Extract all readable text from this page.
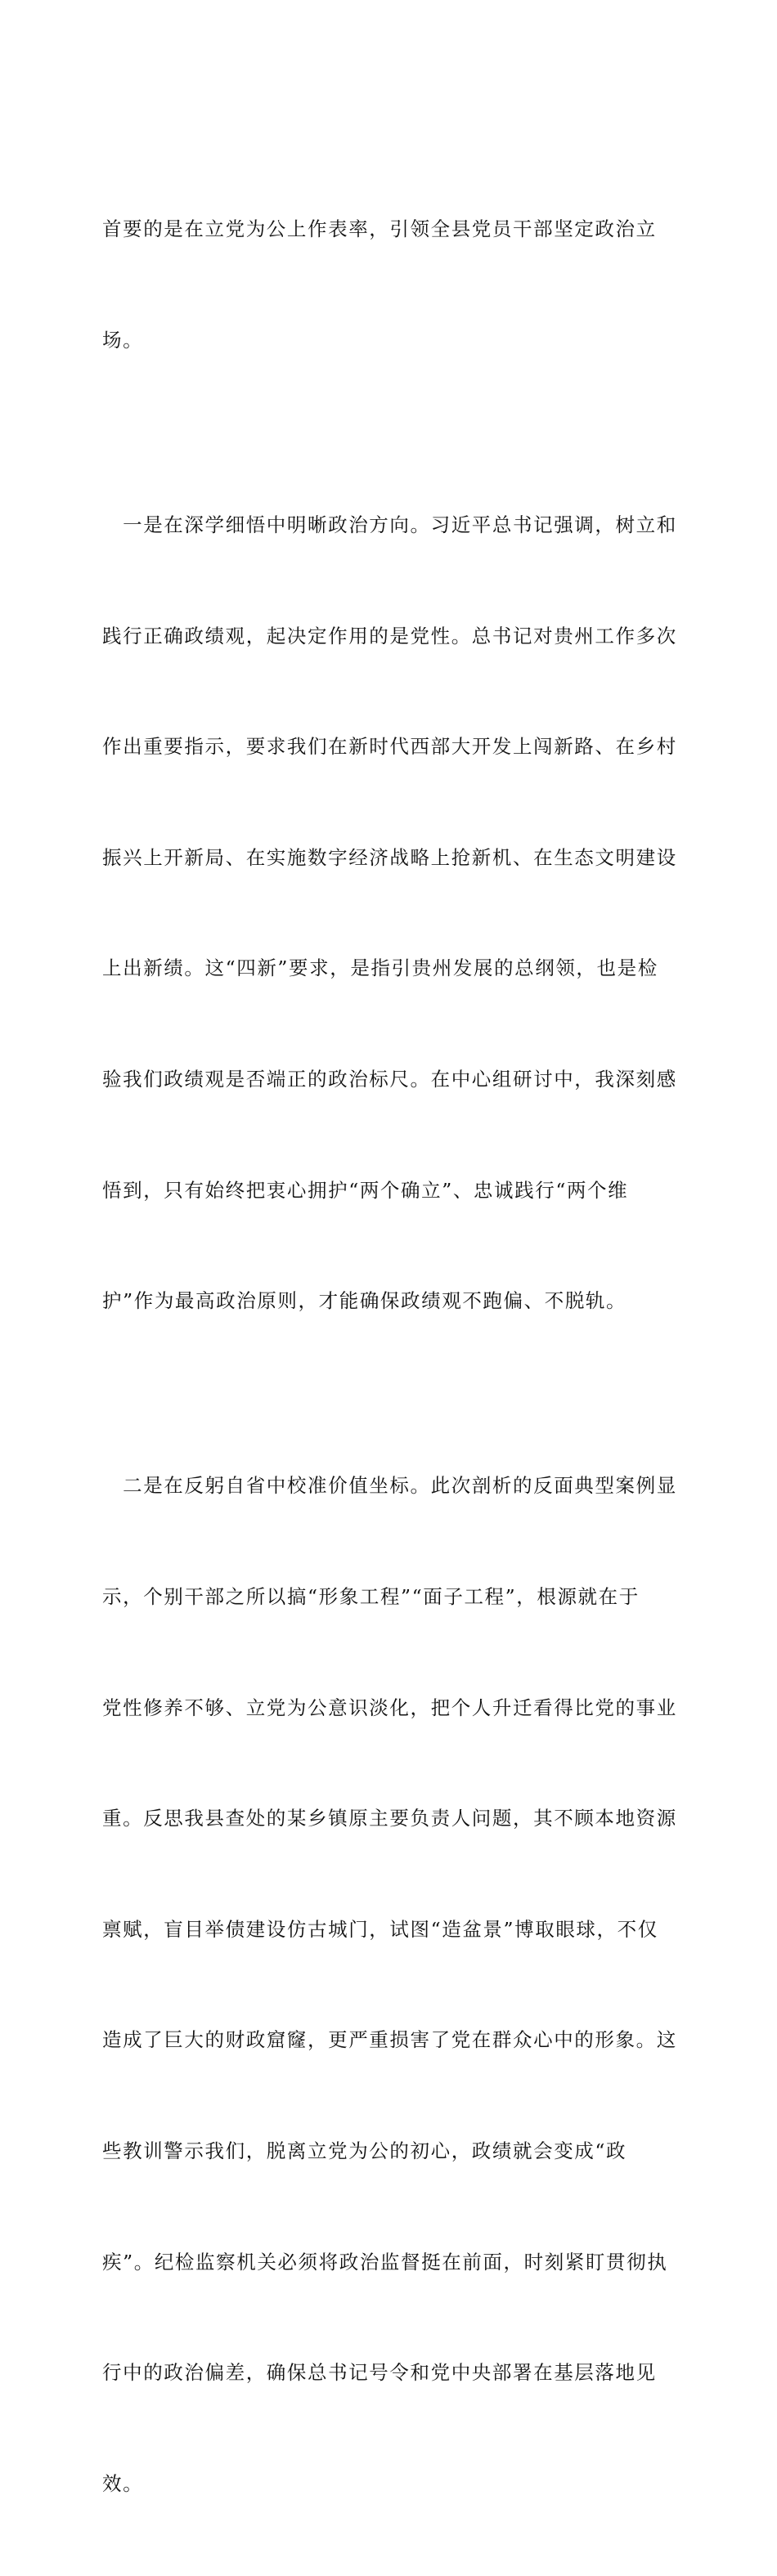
首要的是在立党为公上作表率，引领全县党员干部坚定政治立

场。

　一是在深学细悟中明晰政治方向。习近平总书记强调，树立和

践行正确政绩观，起决定作用的是党性。总书记对贵州工作多次

作出重要指示，要求我们在新时代西部大开发上闯新路、在乡村

振兴上开新局、在实施数字经济战略上抢新机、在生态文明建设

上出新绩。这“四新”要求，是指引贵州发展的总纲领，也是检

验我们政绩观是否端正的政治标尺。在中心组研讨中，我深刻感

悟到，只有始终把衷心拥护“两个确立”、忠诚践行“两个维

护”作为最高政治原则，才能确保政绩观不跑偏、不脱轨。

　二是在反躬自省中校准价值坐标。此次剖析的反面典型案例显

示，个别干部之所以搞“形象工程”“面子工程”，根源就在于

党性修养不够、立党为公意识淡化，把个人升迁看得比党的事业

重。反思我县查处的某乡镇原主要负责人问题，其不顾本地资源

禀赋，盲目举债建设仿古城门，试图“造盆景”博取眼球，不仅

造成了巨大的财政窟窿，更严重损害了党在群众心中的形象。这

些教训警示我们，脱离立党为公的初心，政绩就会变成“政

疾”。纪检监察机关必须将政治监督挺在前面，时刻紧盯贯彻执

行中的政治偏差，确保总书记号令和党中央部署在基层落地见

效。
